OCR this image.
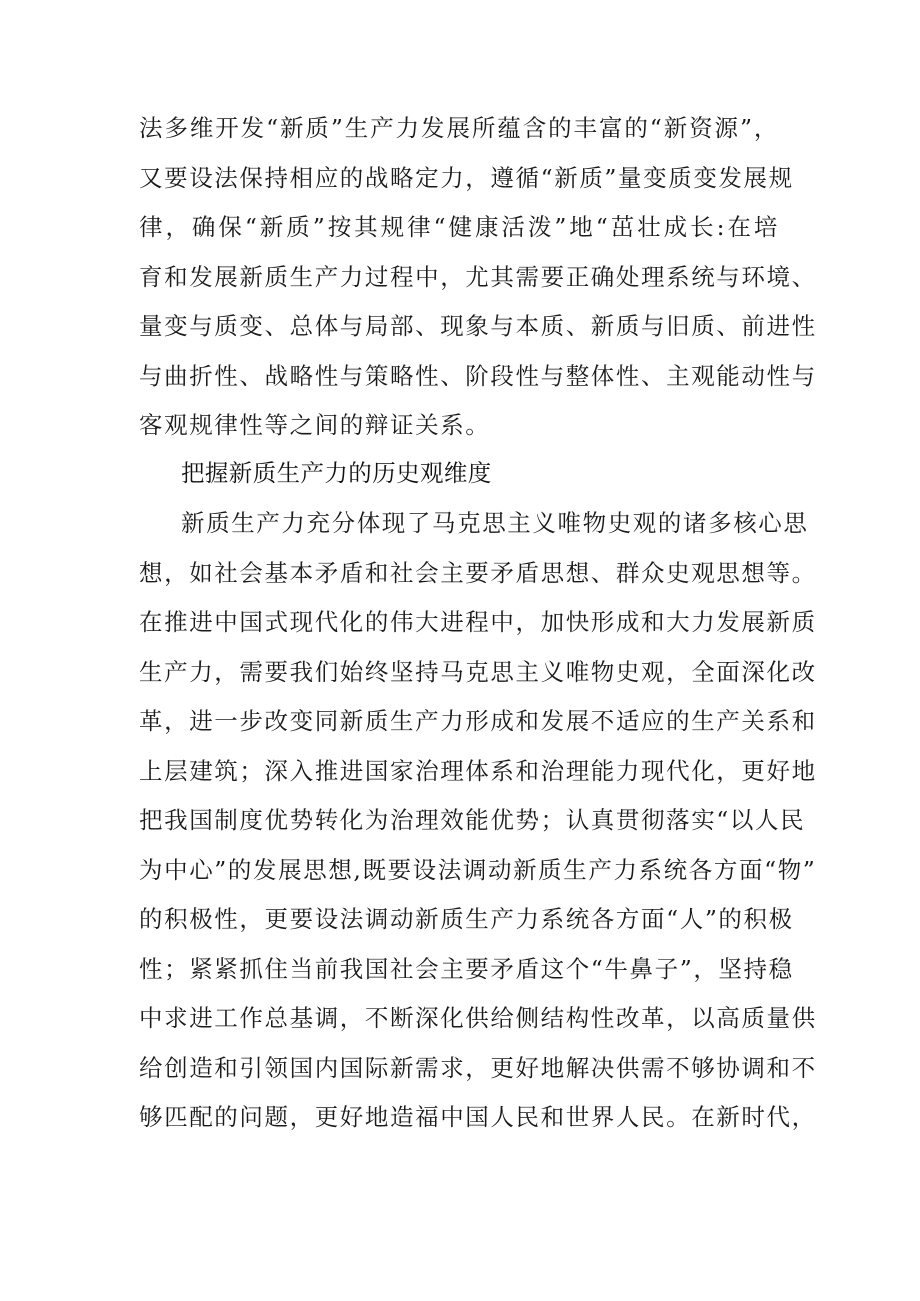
法多维开发“新质”生产力发展所蕴含的丰富的“新资源”，
又要设法保持相应的战略定力，遵循“新质”量变质变发展规
律，确保“新质”按其规律“健康活泼”地“茁壮成长:在培
育和发展新质生产力过程中，尤其需要正确处理系统与环境、
量变与质变、总体与局部、现象与本质、新质与旧质、前进性
与曲折性、战略性与策略性、阶段性与整体性、主观能动性与
客观规律性等之间的辩证关系。
把握新质生产力的历史观维度
新质生产力充分体现了马克思主义唯物史观的诸多核心思
想，如社会基本矛盾和社会主要矛盾思想、群众史观思想等。
在推进中国式现代化的伟大进程中，加快形成和大力发展新质
生产力，需要我们始终坚持马克思主义唯物史观，全面深化改
革，进一步改变同新质生产力形成和发展不适应的生产关系和
上层建筑；深入推进国家治理体系和治理能力现代化，更好地
把我国制度优势转化为治理效能优势；认真贯彻落实“以人民
为中心”的发展思想,既要设法调动新质生产力系统各方面“物”
的积极性，更要设法调动新质生产力系统各方面“人”的积极
性；紧紧抓住当前我国社会主要矛盾这个“牛鼻子”，坚持稳
中求进工作总基调，不断深化供给侧结构性改革，以高质量供
给创造和引领国内国际新需求，更好地解决供需不够协调和不
够匹配的问题，更好地造福中国人民和世界人民。在新时代，
